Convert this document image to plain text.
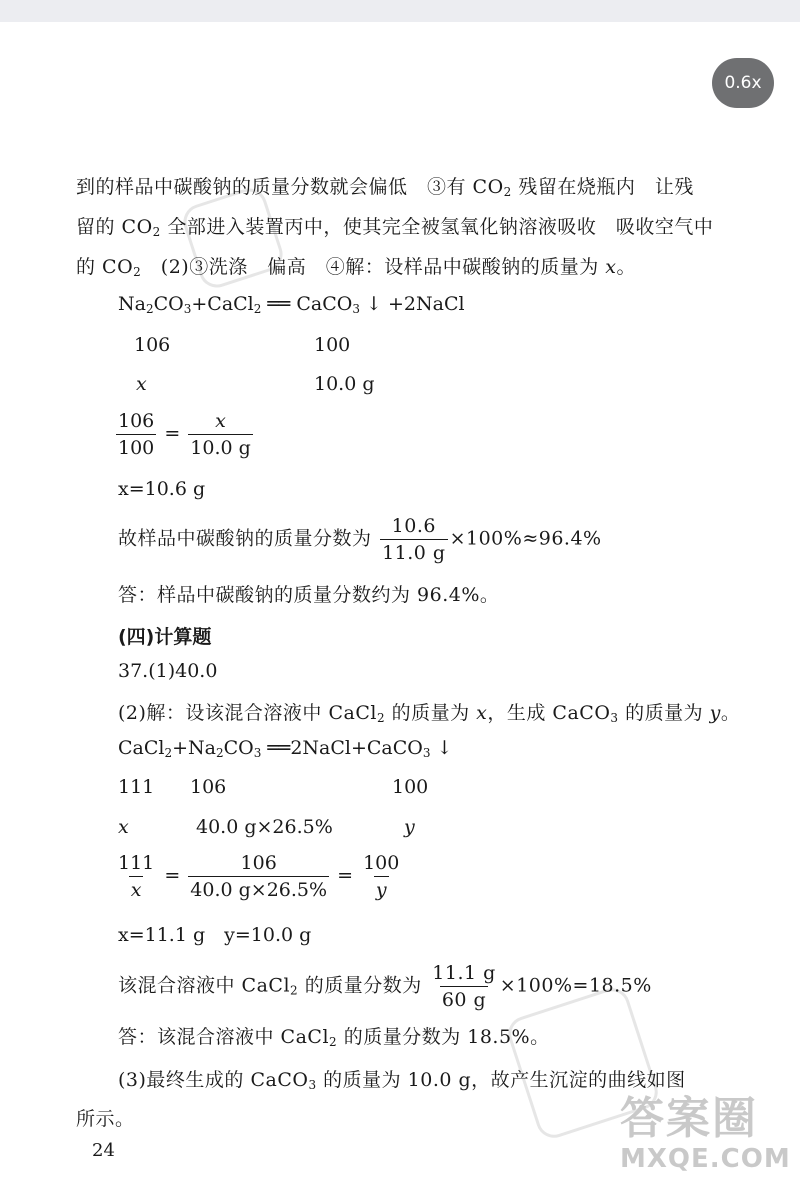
0.6x
到的样品中碳酸钠的质量分数就会偏低　③有 $CO_2$ 残留在烧瓶内　让残
留的 $CO_2$ 全部进入装置丙中，使其完全被氢氧化钠溶液吸收　吸收空气中
的 $CO_2$　(2)③洗涤　偏高　④解：设样品中碳酸钠的质量为 x。
$Na_2CO_3+CaCl_2$ ══ CaCO$_3$ ↓ +2NaCl
106	100
x	10.0 g
$\frac{106}{100} = \frac{x}{10.0 g}$
x=10.6 g
故样品中碳酸钠的质量分数为 $\frac{10.6}{11.0 g} \times 100\%\approx 96.4\%$
答：样品中碳酸钠的质量分数约为 96.4%。
(四)计算题
37.(1)40.0
(2)解：设该混合溶液中 CaCl$_2$ 的质量为 x，生成 CaCO$_3$ 的质量为 y。
$CaCl_2+Na_2CO_3$ ══2NaCl+CaCO$_3$ ↓
111 106	100
x	40.0 g×26.5%	y
$\frac{111}{x} = \frac{106}{40.0 g\times 26.5\%} = \frac{100}{y}$
x=11.1 g　y=10.0 g
该混合溶液中 CaCl$_2$ 的质量分数为 $\frac{11.1 g}{60 g} \times 100\%=18.5\%$
答：该混合溶液中 CaCl$_2$ 的质量分数为 18.5%。
(3)最终生成的 CaCO$_3$ 的质量为 10.0 g，故产生沉淀的曲线如图
所示。
24
答案圈
MXQE.COM
